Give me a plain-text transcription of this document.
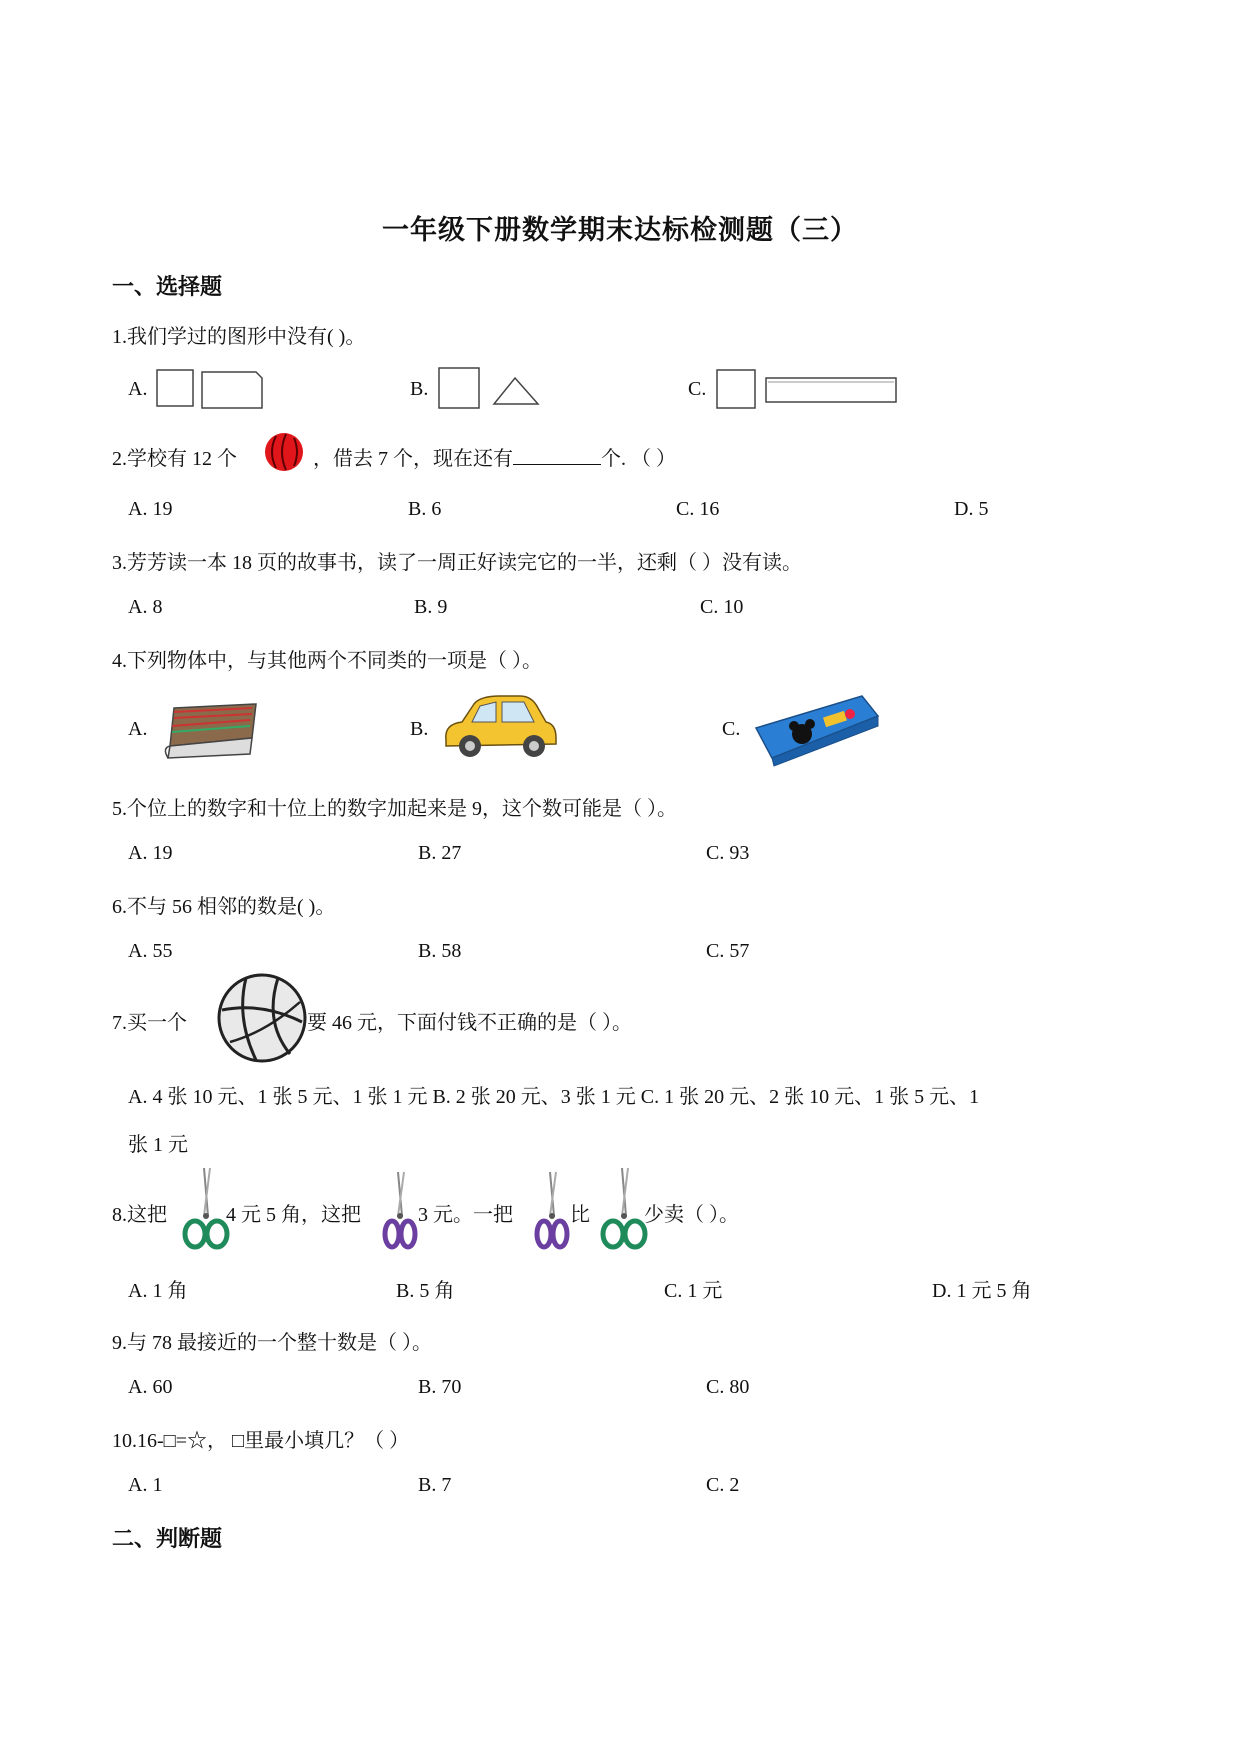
一年级下册数学期末达标检测题（三）
一、选择题
1.我们学过的图形中没有( )。
A.	B.	C.
2.学校有 12 个	，借去 7 个，现在还有	个. （ ）
A. 19	B. 6	C. 16	D. 5
3.芳芳读一本 18 页的故事书，读了一周正好读完它的一半，还剩（ ）没有读。
A. 8	B. 9	C. 10
4.下列物体中，与其他两个不同类的一项是（ ）。
A.	B.	C.
5.个位上的数字和十位上的数字加起来是 9，这个数可能是（ ）。
A. 19	B. 27	C. 93
6.不与 56 相邻的数是( )。
A. 55	B. 58	C. 57
7.买一个	要 46 元，下面付钱不正确的是（ ）。
A. 4 张 10 元、1 张 5 元、1 张 1 元 B. 2 张 20 元、3 张 1 元 C. 1 张 20 元、2 张 10 元、1 张 5 元、1
张 1 元
8.这把	4 元 5 角，这把	3 元。一把	比	少卖（ ）。
A. 1 角	B. 5 角	C. 1 元	D. 1 元 5 角
9.与 78 最接近的一个整十数是（ ）。
A. 60	B. 70	C. 80
10.16-□=☆， □里最小填几？（ ）
A. 1	B. 7	C. 2
二、判断题
